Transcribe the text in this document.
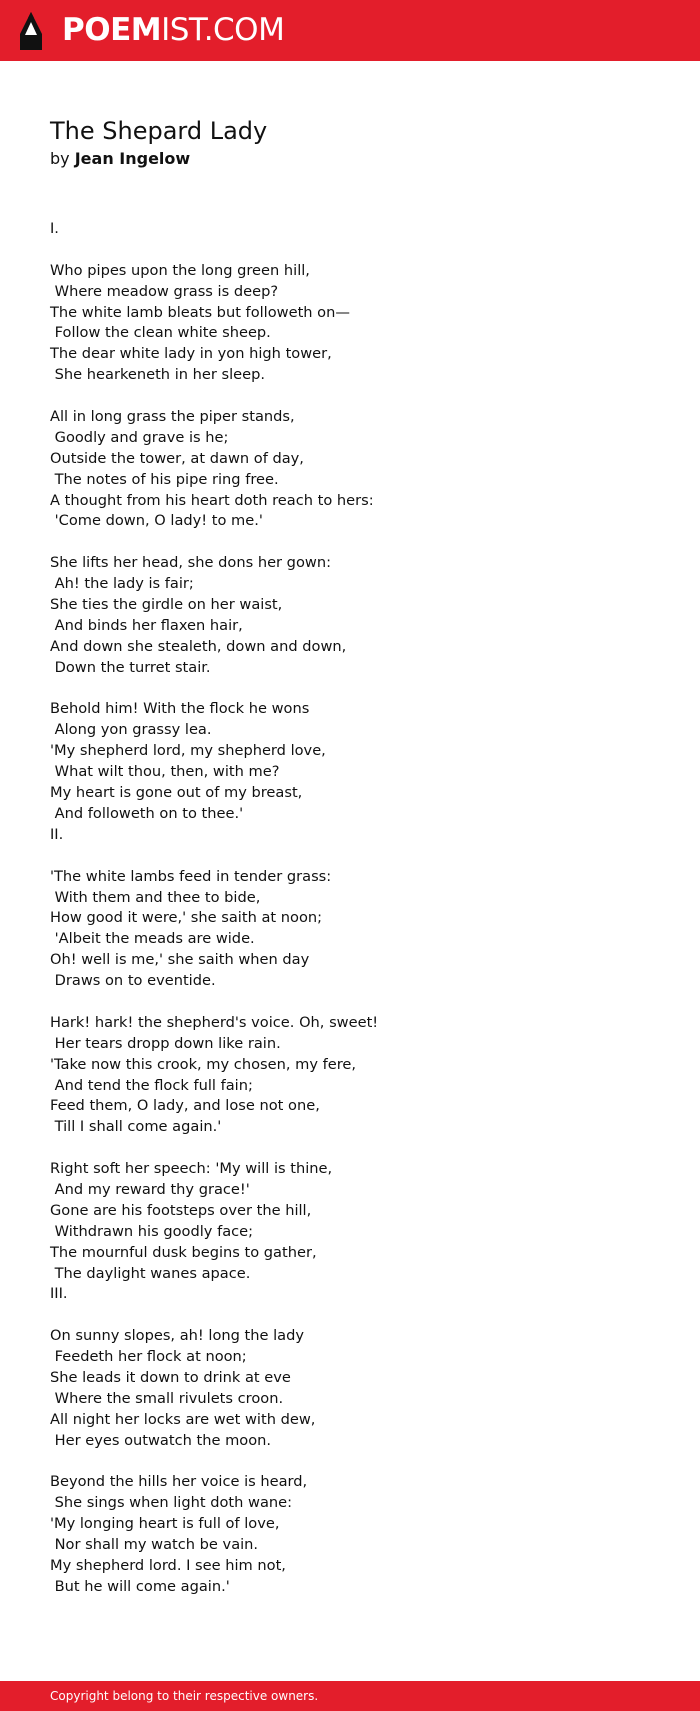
POEMIST.COM
The Shepard Lady
by Jean Ingelow
I.
Who pipes upon the long green hill,
Where meadow grass is deep?
The white lamb bleats but followeth on—
Follow the clean white sheep.
The dear white lady in yon high tower,
She hearkeneth in her sleep.
All in long grass the piper stands,
Goodly and grave is he;
Outside the tower, at dawn of day,
The notes of his pipe ring free.
A thought from his heart doth reach to hers:
'Come down, O lady! to me.'
She lifts her head, she dons her gown:
Ah! the lady is fair;
She ties the girdle on her waist,
And binds her flaxen hair,
And down she stealeth, down and down,
Down the turret stair.
Behold him! With the flock he wons
Along yon grassy lea.
'My shepherd lord, my shepherd love,
What wilt thou, then, with me?
My heart is gone out of my breast,
And followeth on to thee.'
II.
'The white lambs feed in tender grass:
With them and thee to bide,
How good it were,' she saith at noon;
'Albeit the meads are wide.
Oh! well is me,' she saith when day
Draws on to eventide.
Hark! hark! the shepherd's voice. Oh, sweet!
Her tears dropp down like rain.
'Take now this crook, my chosen, my fere,
And tend the flock full fain;
Feed them, O lady, and lose not one,
Till I shall come again.'
Right soft her speech: 'My will is thine,
And my reward thy grace!'
Gone are his footsteps over the hill,
Withdrawn his goodly face;
The mournful dusk begins to gather,
The daylight wanes apace.
III.
On sunny slopes, ah! long the lady
Feedeth her flock at noon;
She leads it down to drink at eve
Where the small rivulets croon.
All night her locks are wet with dew,
Her eyes outwatch the moon.
Beyond the hills her voice is heard,
She sings when light doth wane:
'My longing heart is full of love,
Nor shall my watch be vain.
My shepherd lord. I see him not,
But he will come again.'
Copyright belong to their respective owners.
